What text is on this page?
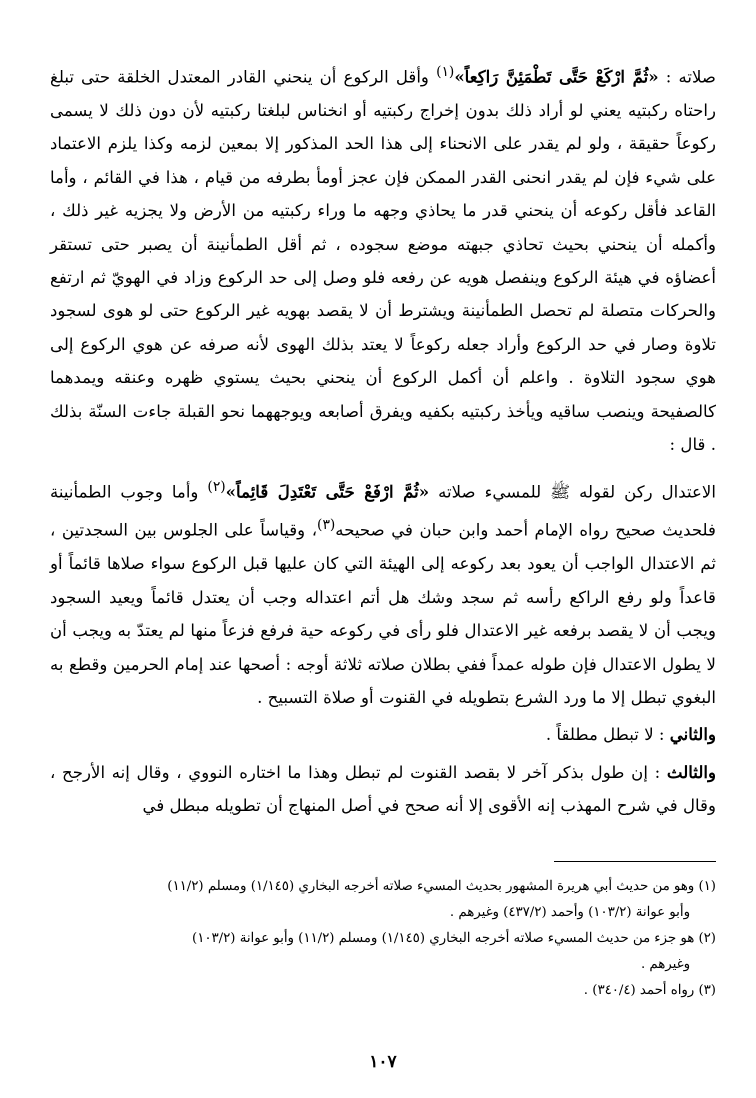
صلاته : «ثُمَّ ارْكَعْ حَتَّى تَطْمَئِنَّ رَاكِعاً»$^{(١)}$ وأقل الركوع أن ينحني القادر المعتدل الخلقة حتى تبلغ راحتاه ركبتيه يعني لو أراد ذلك بدون إخراج ركبتيه أو انخناس لبلغتا ركبتيه لأن دون ذلك لا يسمى ركوعاً حقيقة ، ولو لم يقدر على الانحناء إلى هذا الحد المذكور إلا بمعين لزمه وكذا يلزم الاعتماد على شيء فإن لم يقدر انحنى القدر الممكن فإن عجز أومأ بطرفه من قيام ، هذا في القائم ، وأما القاعد فأقل ركوعه أن ينحني قدر ما يحاذي وجهه ما وراء ركبتيه من الأرض ولا يجزيه غير ذلك ، وأكمله أن ينحني بحيث تحاذي جبهته موضع سجوده ، ثم أقل الطمأنينة أن يصبر حتى تستقر أعضاؤه في هيئة الركوع وينفصل هويه عن رفعه فلو وصل إلى حد الركوع وزاد في الهويّ ثم ارتفع والحركات متصلة لم تحصل الطمأنينة ويشترط أن لا يقصد بهويه غير الركوع حتى لو هوى لسجود تلاوة وصار في حد الركوع وأراد جعله ركوعاً لا يعتد بذلك الهوى لأنه صرفه عن هوي الركوع إلى هوي سجود التلاوة . واعلم أن أكمل الركوع أن ينحني بحيث يستوي ظهره وعنقه ويمدهما كالصفيحة وينصب ساقيه ويأخذ ركبتيه بكفيه ويفرق أصابعه ويوجههما نحو القبلة جاءت السنّة بذلك . قال :

الاعتدال ركن لقوله ﷺ للمسيء صلاته «ثُمَّ ارْفَعْ حَتَّى تَعْتَدِلَ قَائِماً»$^{(٢)}$ وأما وجوب الطمأنينة فلحديث صحيح رواه الإمام أحمد وابن حبان في صحيحه$^{(٣)}$، وقياساً على الجلوس بين السجدتين ، ثم الاعتدال الواجب أن يعود بعد ركوعه إلى الهيئة التي كان عليها قبل الركوع سواء صلاها قائماً أو قاعداً ولو رفع الراكع رأسه ثم سجد وشك هل أتم اعتداله وجب أن يعتدل قائماً ويعيد السجود ويجب أن لا يقصد برفعه غير الاعتدال فلو رأى في ركوعه حية فرفع فزعاً منها لم يعتدّ به ويجب أن لا يطول الاعتدال فإن طوله عمداً ففي بطلان صلاته ثلاثة أوجه : أصحها عند إمام الحرمين وقطع به البغوي تبطل إلا ما ورد الشرع بتطويله في القنوت أو صلاة التسبيح .

والثاني : لا تبطل مطلقاً .

والثالث : إن طول بذكر آخر لا بقصد القنوت لم تبطل وهذا ما اختاره النووي ، وقال إنه الأرجح ، وقال في شرح المهذب إنه الأقوى إلا أنه صحح في أصل المنهاج أن تطويله مبطل في

(١) وهو من حديث أبي هريرة المشهور بحديث المسيء صلاته أخرجه البخاري (١/١٤٥) ومسلم (١١/٢)

وأبو عوانة (١٠٣/٢) وأحمد (٤٣٧/٢) وغيرهم .

(٢) هو جزء من حديث المسيء صلاته أخرجه البخاري (١/١٤٥) ومسلم (١١/٢) وأبو عوانة (١٠٣/٢)

وغيرهم .

(٣) رواه أحمد (٣٤٠/٤) .

١٠٧
